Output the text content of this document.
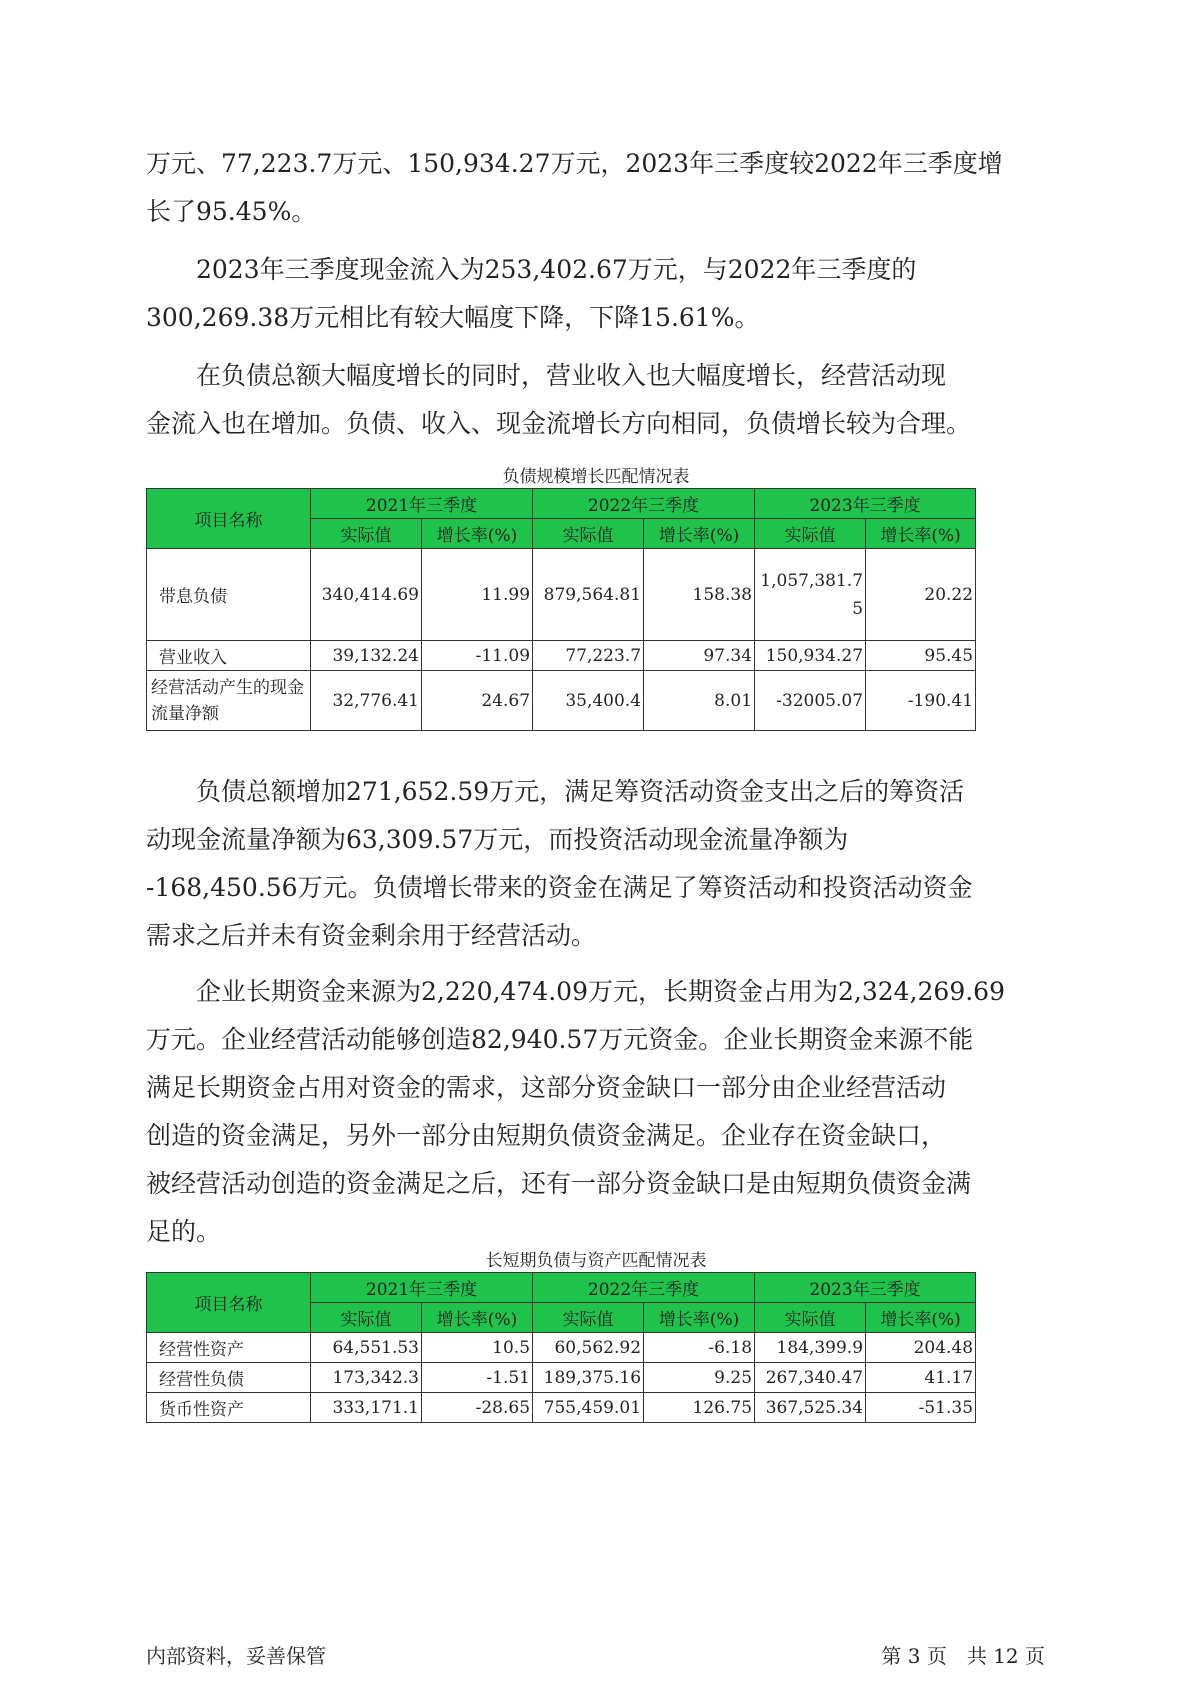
万元、77,223.7万元、150,934.27万元，2023年三季度较2022年三季度增
长了95.45%。

　　2023年三季度现金流入为253,402.67万元，与2022年三季度的
300,269.38万元相比有较大幅度下降，下降15.61%。

　　在负债总额大幅度增长的同时，营业收入也大幅度增长，经营活动现
金流入也在增加。负债、收入、现金流增长方向相同，负债增长较为合理。

负债规模增长匹配情况表
项目名称	2021年三季度		2022年三季度		2023年三季度	
	实际值	增长率(%)	实际值	增长率(%)	实际值	增长率(%)
带息负债	340,414.69	11.99	879,564.81	158.38	1,057,381.75	20.22
营业收入	39,132.24	-11.09	77,223.7	97.34	150,934.27	95.45
经营活动产生的现金流量净额	32,776.41	24.67	35,400.4	8.01	-32005.07	-190.41

　　负债总额增加271,652.59万元，满足筹资活动资金支出之后的筹资活
动现金流量净额为63,309.57万元，而投资活动现金流量净额为
-168,450.56万元。负债增长带来的资金在满足了筹资活动和投资活动资金
需求之后并未有资金剩余用于经营活动。

　　企业长期资金来源为2,220,474.09万元，长期资金占用为2,324,269.69
万元。企业经营活动能够创造82,940.57万元资金。企业长期资金来源不能
满足长期资金占用对资金的需求，这部分资金缺口一部分由企业经营活动
创造的资金满足，另外一部分由短期负债资金满足。企业存在资金缺口，
被经营活动创造的资金满足之后，还有一部分资金缺口是由短期负债资金满
足的。

长短期负债与资产匹配情况表
项目名称	2021年三季度		2022年三季度		2023年三季度	
	实际值	增长率(%)	实际值	增长率(%)	实际值	增长率(%)
经营性资产	64,551.53	10.5	60,562.92	-6.18	184,399.9	204.48
经营性负债	173,342.3	-1.51	189,375.16	9.25	267,340.47	41.17
货币性资产	333,171.1	-28.65	755,459.01	126.75	367,525.34	-51.35
内部资料，妥善保管	第 3 页　共 12 页
